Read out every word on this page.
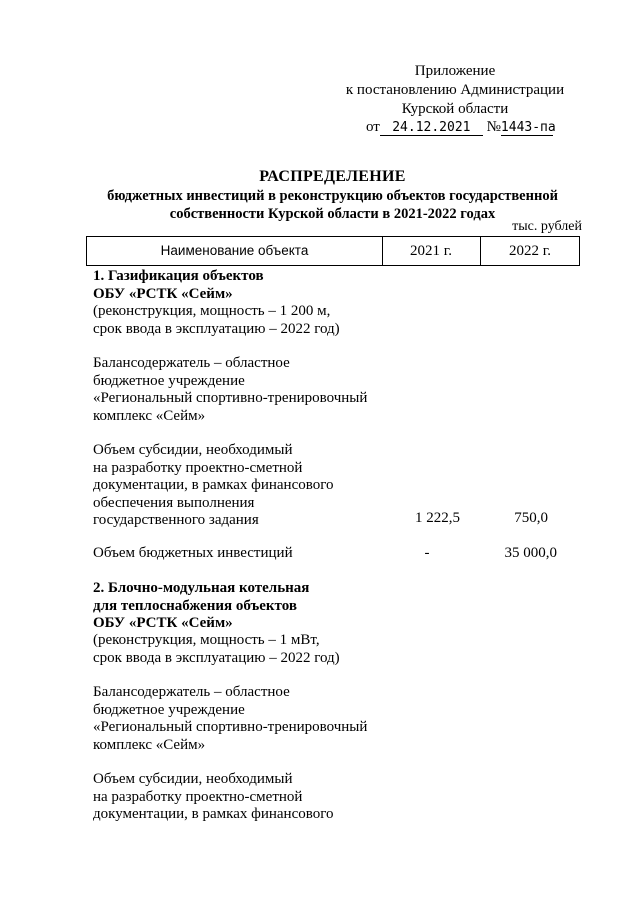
Приложение
к постановлению Администрации
Курской области
от 24.12.2021 №1443-па
РАСПРЕДЕЛЕНИЕ
бюджетных инвестиций в реконструкцию объектов государственной
собственности Курской области в 2021-2022 годах
тыс. рублей
Наименование объекта	2021 г.	2022 г.
1. Газификация объектов
ОБУ «РСТК «Сейм»
(реконструкция, мощность – 1 200 м,
срок ввода в эксплуатацию – 2022 год)
Балансодержатель – областное
бюджетное учреждение
«Региональный спортивно-тренировочный
комплекс «Сейм»
Объем субсидии, необходимый
на разработку проектно-сметной
документации, в рамках финансового
обеспечения выполнения
государственного задания	1 222,5	750,0
Объем бюджетных инвестиций	-	35 000,0
2. Блочно-модульная котельная
для теплоснабжения объектов
ОБУ «РСТК «Сейм»
(реконструкция, мощность – 1 мВт,
срок ввода в эксплуатацию – 2022 год)
Балансодержатель – областное
бюджетное учреждение
«Региональный спортивно-тренировочный
комплекс «Сейм»
Объем субсидии, необходимый
на разработку проектно-сметной
документации, в рамках финансового
